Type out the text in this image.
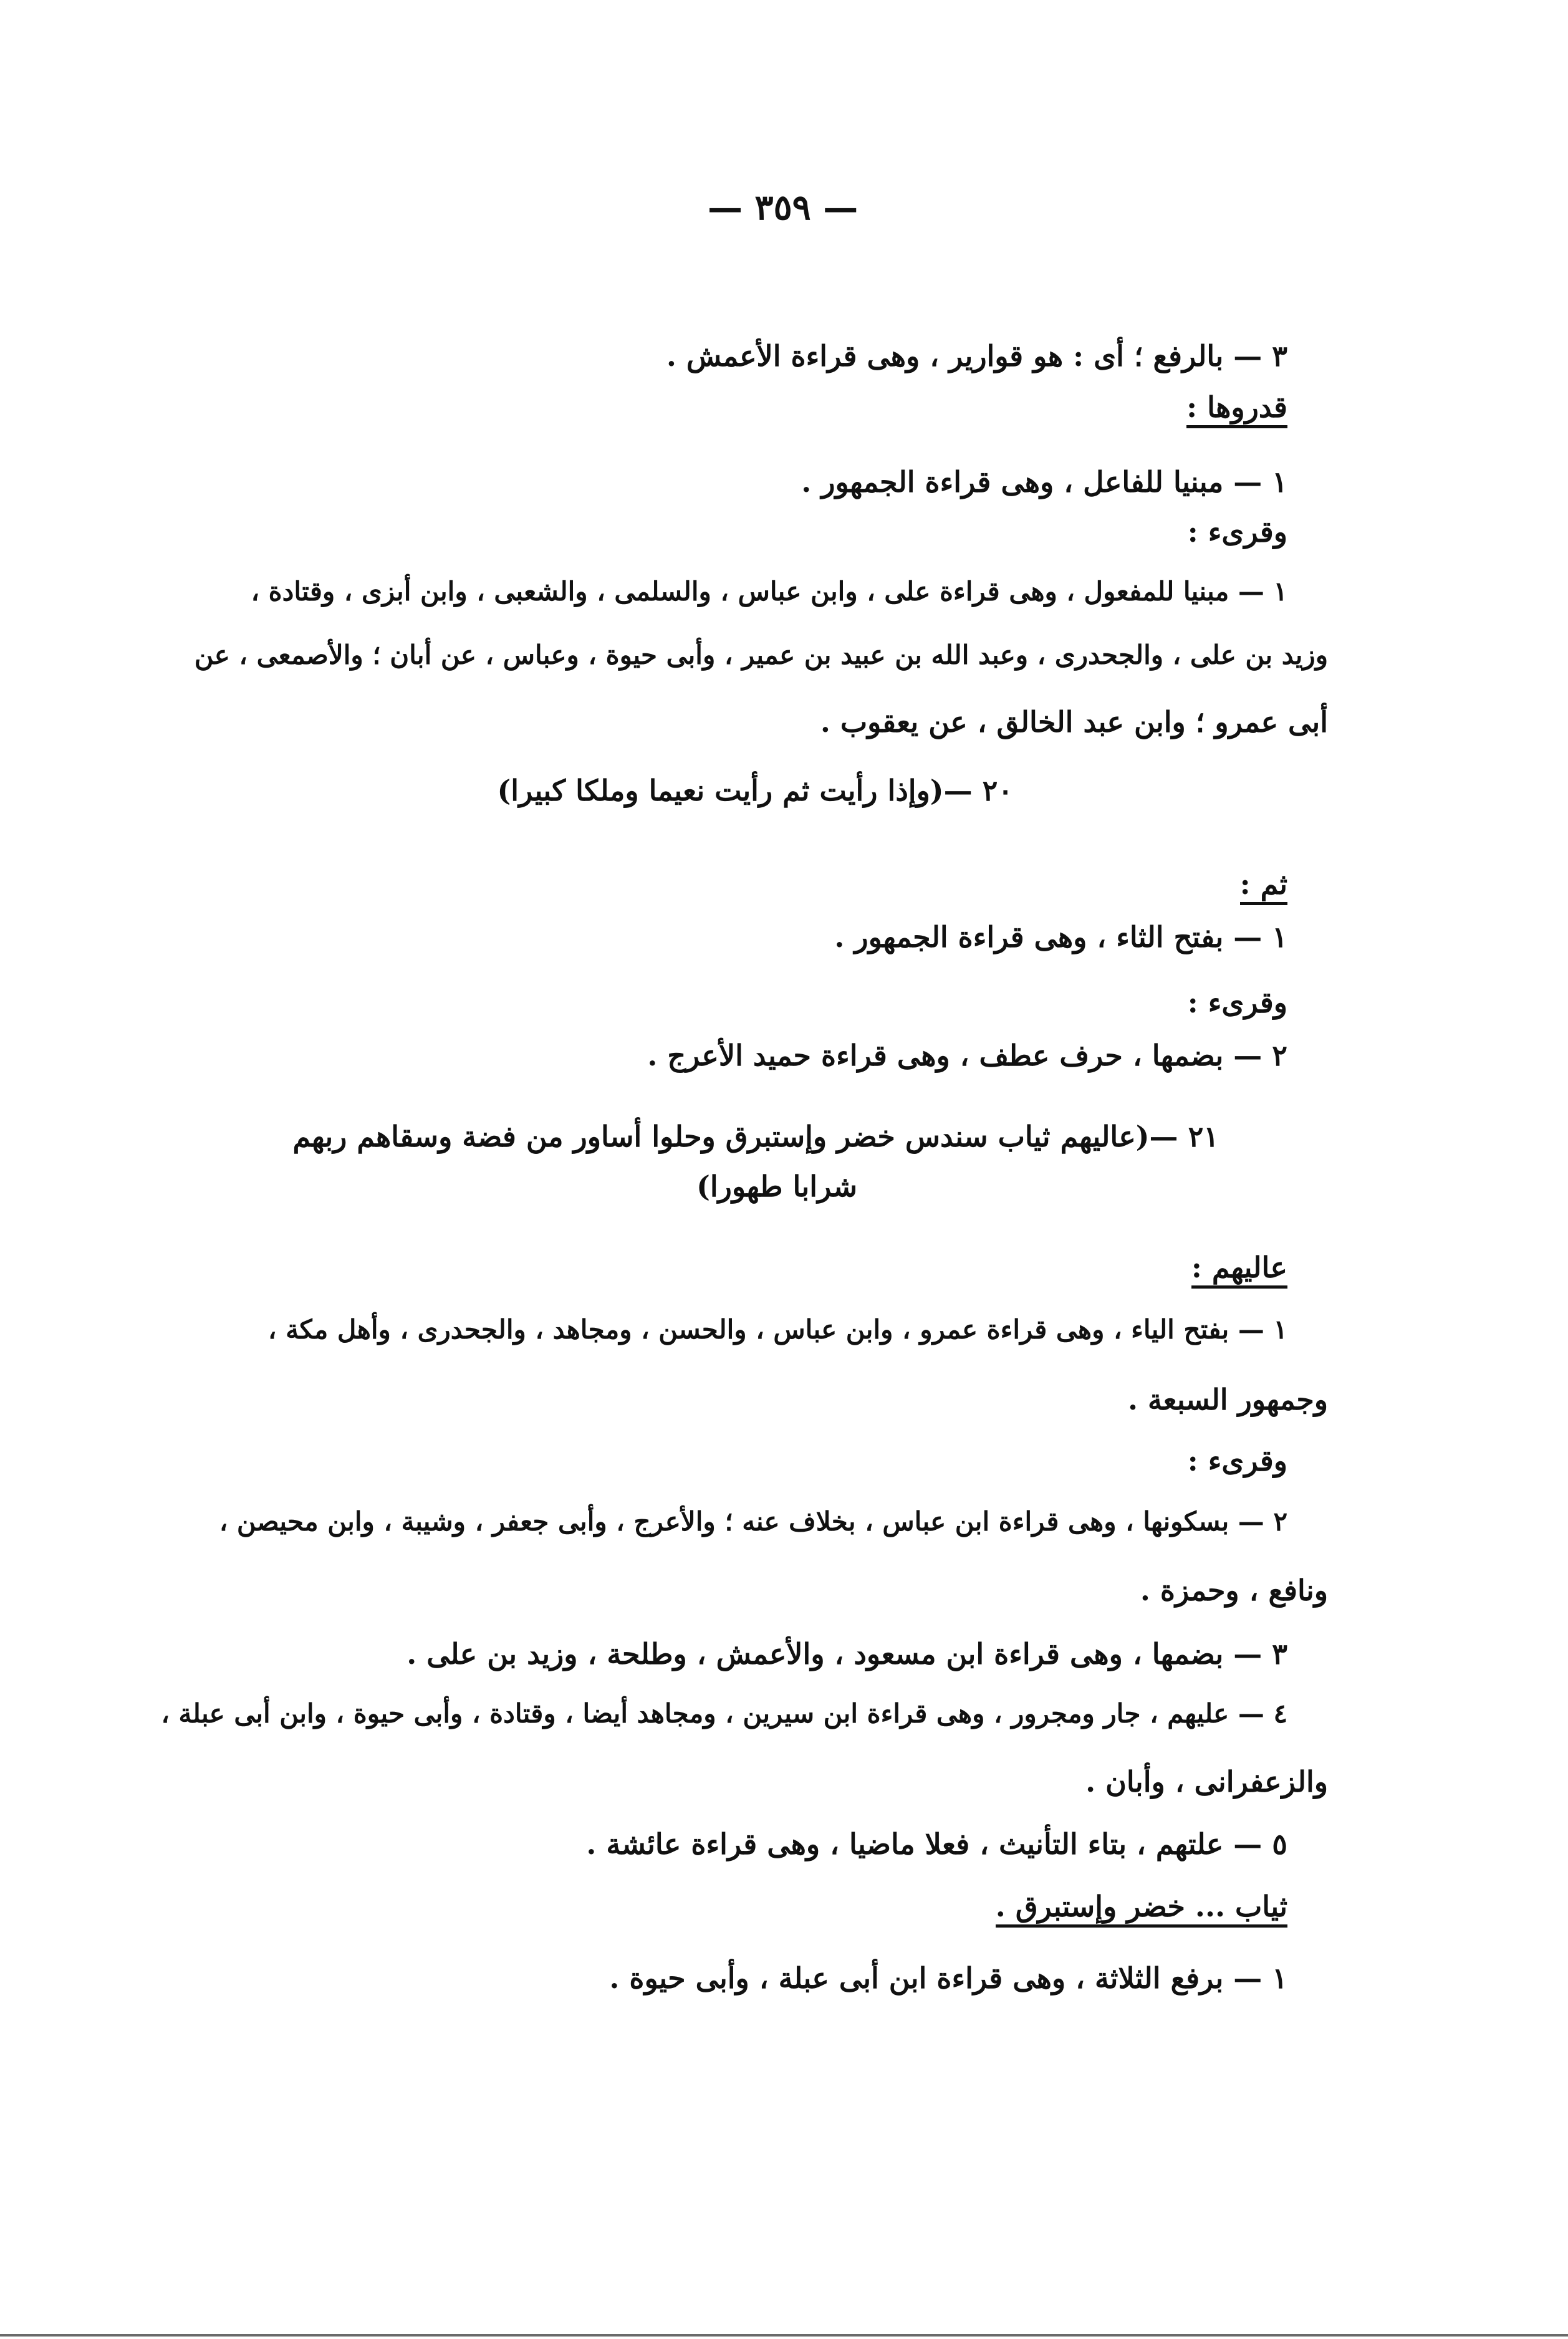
— ٣٥٩ —
٣ — بالرفع ؛ أى : هو قوارير ، وهى قراءة الأعمش .
قدروها :
١ — مبنيا للفاعل ، وهى قراءة الجمهور .
وقرىء :
١ — مبنيا للمفعول ، وهى قراءة على ، وابن عباس ، والسلمى ، والشعبى ، وابن أبزى ، وقتادة ،
وزيد بن على ، والجحدرى ، وعبد الله بن عبيد بن عمير ، وأبى حيوة ، وعباس ، عن أبان ؛ والأصمعى ، عن
أبى عمرو ؛ وابن عبد الخالق ، عن يعقوب .
٢٠ —(وإذا رأيت ثم رأيت نعيما وملكا كبيرا)
ثم :
١ — بفتح الثاء ، وهى قراءة الجمهور .
وقرىء :
٢ — بضمها ، حرف عطف ، وهى قراءة حميد الأعرج .
٢١ —(عاليهم ثياب سندس خضر وإستبرق وحلوا أساور من فضة وسقاهم ربهم
شرابا طهورا)
عاليهم :
١ — بفتح الياء ، وهى قراءة عمرو ، وابن عباس ، والحسن ، ومجاهد ، والجحدرى ، وأهل مكة ،
وجمهور السبعة .
وقرىء :
٢ — بسكونها ، وهى قراءة ابن عباس ، بخلاف عنه ؛ والأعرج ، وأبى جعفر ، وشيبة ، وابن محيصن ،
ونافع ، وحمزة .
٣ — بضمها ، وهى قراءة ابن مسعود ، والأعمش ، وطلحة ، وزيد بن على .
٤ — عليهم ، جار ومجرور ، وهى قراءة ابن سيرين ، ومجاهد أيضا ، وقتادة ، وأبى حيوة ، وابن أبى عبلة ،
والزعفرانى ، وأبان .
٥ — علتهم ، بتاء التأنيث ، فعلا ماضيا ، وهى قراءة عائشة .
ثياب ... خضر وإستبرق .
١ — برفع الثلاثة ، وهى قراءة ابن أبى عبلة ، وأبى حيوة .
